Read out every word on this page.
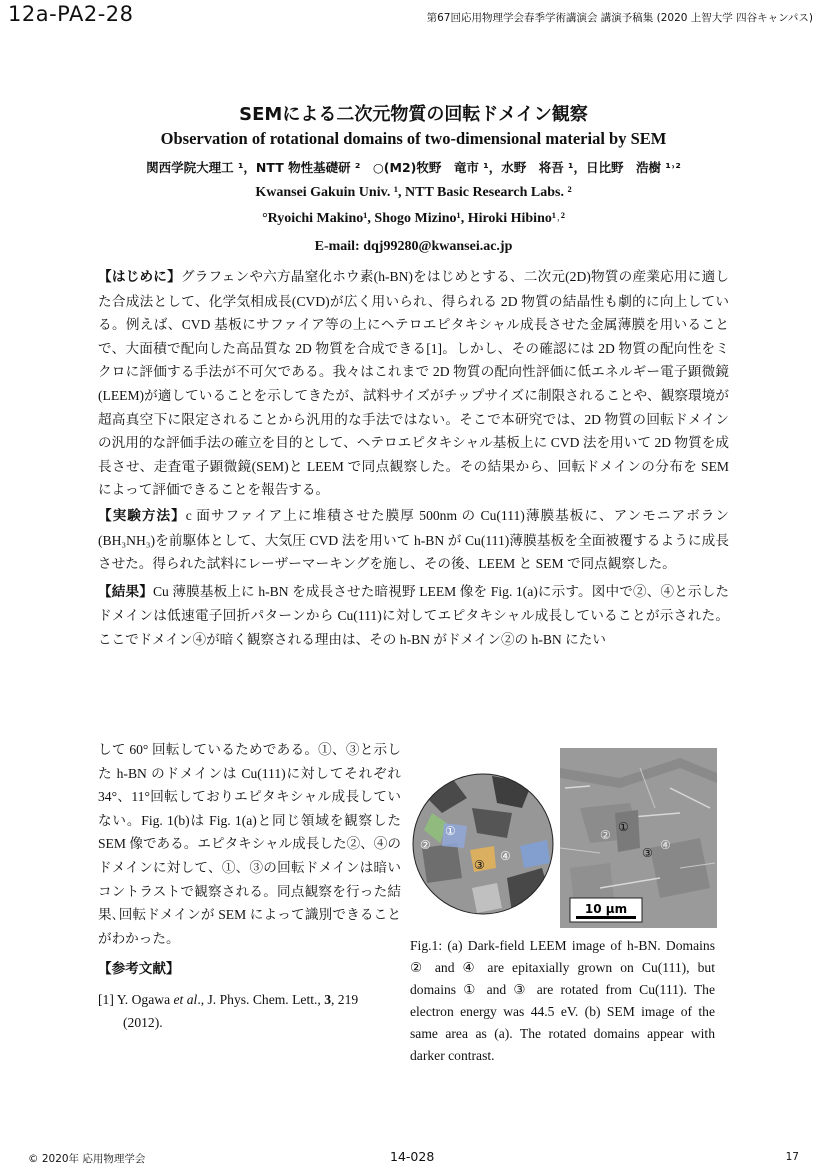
12a-PA2-28	第67回応用物理学会春季学術講演会 講演予稿集 (2020 上智大学 四谷キャンパス)
SEMによる二次元物質の回転ドメイン観察
Observation of rotational domains of two-dimensional material by SEM
関西学院大理工 ¹，NTT 物性基礎研 ²　○(M2)牧野　竜市 ¹，水野　将吾 ¹，日比野　浩樹 ¹˒²
Kwansei Gakuin Univ. ¹, NTT Basic Research Labs. ²
°Ryoichi Makino¹, Shogo Mizino¹, Hiroki Hibino¹˒²
E-mail: dqj99280@kwansei.ac.jp

【はじめに】グラフェンや六方晶窒化ホウ素(h-BN)をはじめとする、二次元(2D)物質の産業応用に適した合成法として、化学気相成長(CVD)が広く用いられ、得られる 2D 物質の結晶性も劇的に向上している。例えば、CVD 基板にサファイア等の上にヘテロエピタキシャル成長させた金属薄膜を用いることで、大面積で配向した高品質な 2D 物質を合成できる[1]。しかし、その確認には 2D 物質の配向性をミクロに評価する手法が不可欠である。我々はこれまで 2D 物質の配向性評価に低エネルギー電子顕微鏡(LEEM)が適していることを示してきたが、試料サイズがチップサイズに制限されることや、観察環境が超高真空下に限定されることから汎用的な手法ではない。そこで本研究では、2D 物質の回転ドメインの汎用的な評価手法の確立を目的として、ヘテロエピタキシャル基板上に CVD 法を用いて 2D 物質を成長させ、走査電子顕微鏡(SEM)と LEEM で同点観察した。その結果から、回転ドメインの分布を SEM によって評価できることを報告する。

【実験方法】c 面サファイア上に堆積させた膜厚 500nm の Cu(111)薄膜基板に、アンモニアボラン(BH₃NH₃)を前駆体として、大気圧 CVD 法を用いて h-BN が Cu(111)薄膜基板を全面被覆するように成長させた。得られた試料にレーザーマーキングを施し、その後、LEEM と SEM で同点観察した。

【結果】Cu 薄膜基板上に h-BN を成長させた暗視野 LEEM 像を Fig. 1(a)に示す。図中で②、④と示したドメインは低速電子回折パターンから Cu(111)に対してエピタキシャル成長していることが示された。ここでドメイン④が暗く観察される理由は、その h-BN がドメイン②の h-BN にたい

して 60° 回転しているためである。①、③と示した h-BN のドメインは Cu(111)に対してそれぞれ 34°、11°回転しておりエピタキシャル成長していない。Fig. 1(b)は Fig. 1(a)と同じ領域を観察した SEM 像である。エピタキシャル成長した②、④のドメインに対して、①、③の回転ドメインは暗いコントラストで観察される。同点観察を行った結果､回転ドメインが SEM によって識別できることがわかった。

【参考文献】
[1] Y. Ogawa et al., J. Phys. Chem. Lett., 3, 219 (2012).
①
②
③
④
①
②
③
④
10 μm
Fig.1: (a) Dark-field LEEM image of h-BN. Domains ② and ④ are epitaxially grown on Cu(111), but domains ① and ③ are rotated from Cu(111). The electron energy was 44.5 eV. (b) SEM image of the same area as (a). The rotated domains appear with darker contrast.
© 2020年 応用物理学会	14-028	17
